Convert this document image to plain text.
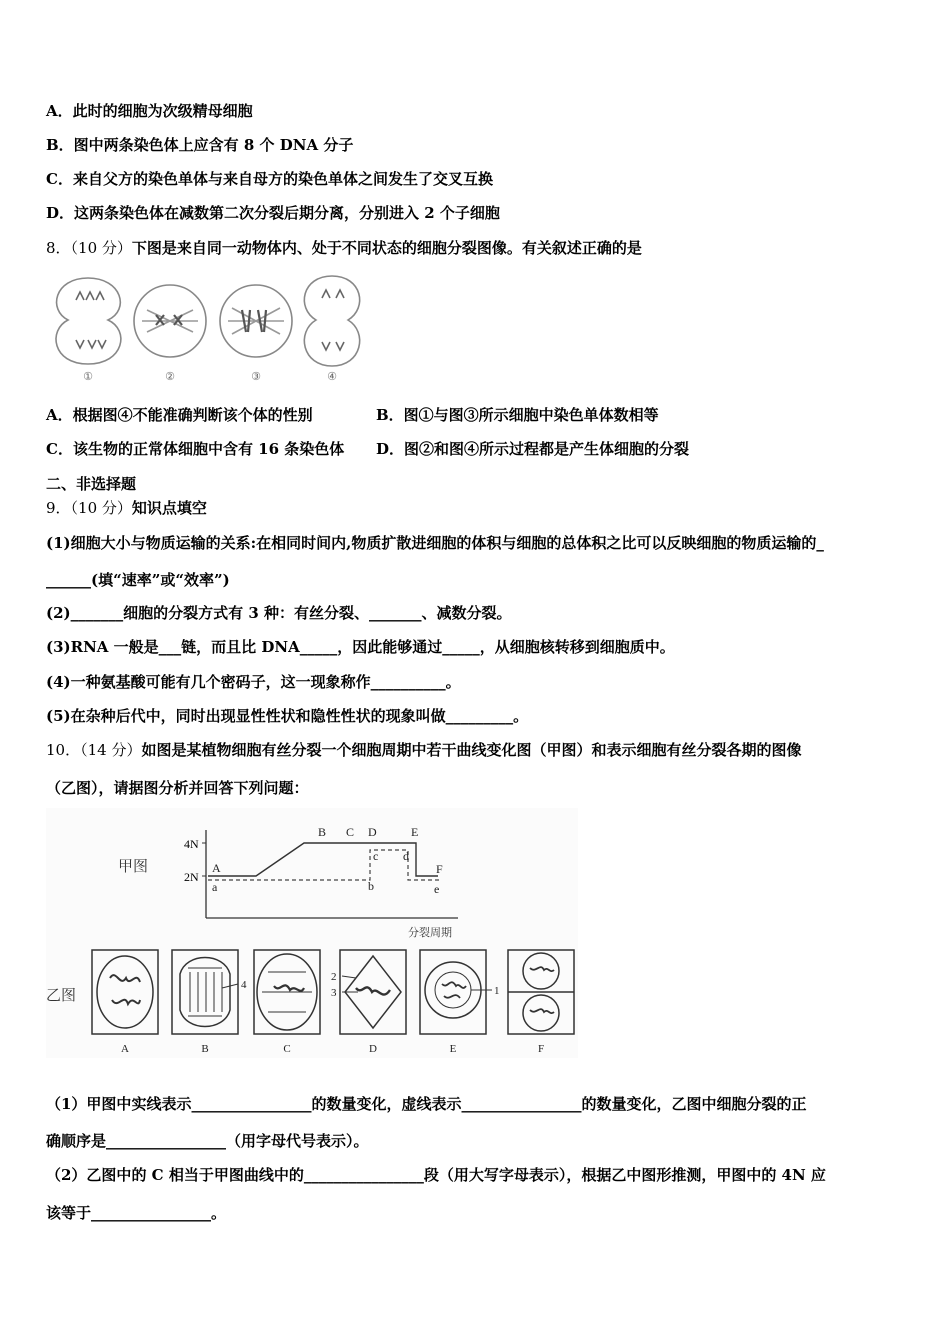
A．此时的细胞为次级精母细胞
B．图中两条染色体上应含有 8 个 DNA 分子
C．来自父方的染色单体与来自母方的染色单体之间发生了交叉互换
D．这两条染色体在减数第二次分裂后期分离，分别进入 2 个子细胞
8．（10 分）下图是来自同一动物体内、处于不同状态的细胞分裂图像。有关叙述正确的是
①	②	③	④
A．根据图④不能准确判断该个体的性别	B．图①与图③所示细胞中染色单体数相等
C．该生物的正常体细胞中含有 16 条染色体 D．图②和图④所示过程都是产生体细胞的分裂
二、非选择题
9．（10 分）知识点填空
(1)细胞大小与物质运输的关系:在相同时间内,物质扩散进细胞的体积与细胞的总体积之比可以反映细胞的物质运输的_
______(填“速率”或“效率”)
(2)_______细胞的分裂方式有 3 种：有丝分裂、_______、减数分裂。
(3)RNA 一般是___链，而且比 DNA_____，因此能够通过_____，从细胞核转移到细胞质中。
(4)一种氨基酸可能有几个密码子，这一现象称作__________。
(5)在杂种后代中，同时出现显性性状和隐性性状的现象叫做_________。
10．（14 分）如图是某植物细胞有丝分裂一个细胞周期中若干曲线变化图（甲图）和表示细胞有丝分裂各期的图像
（乙图），请据图分析并回答下列问题：
甲图
4N
2N
A
B C D	E
F
a	b
c d
e
分裂周期
乙图
4
2
3	1
A	B	C	D	E	F
（1）甲图中实线表示________________的数量变化，虚线表示________________的数量变化，乙图中细胞分裂的正
确顺序是________________（用字母代号表示）。
（2）乙图中的 C 相当于甲图曲线中的________________段（用大写字母表示），根据乙中图形推测，甲图中的 4N 应
该等于________________。
